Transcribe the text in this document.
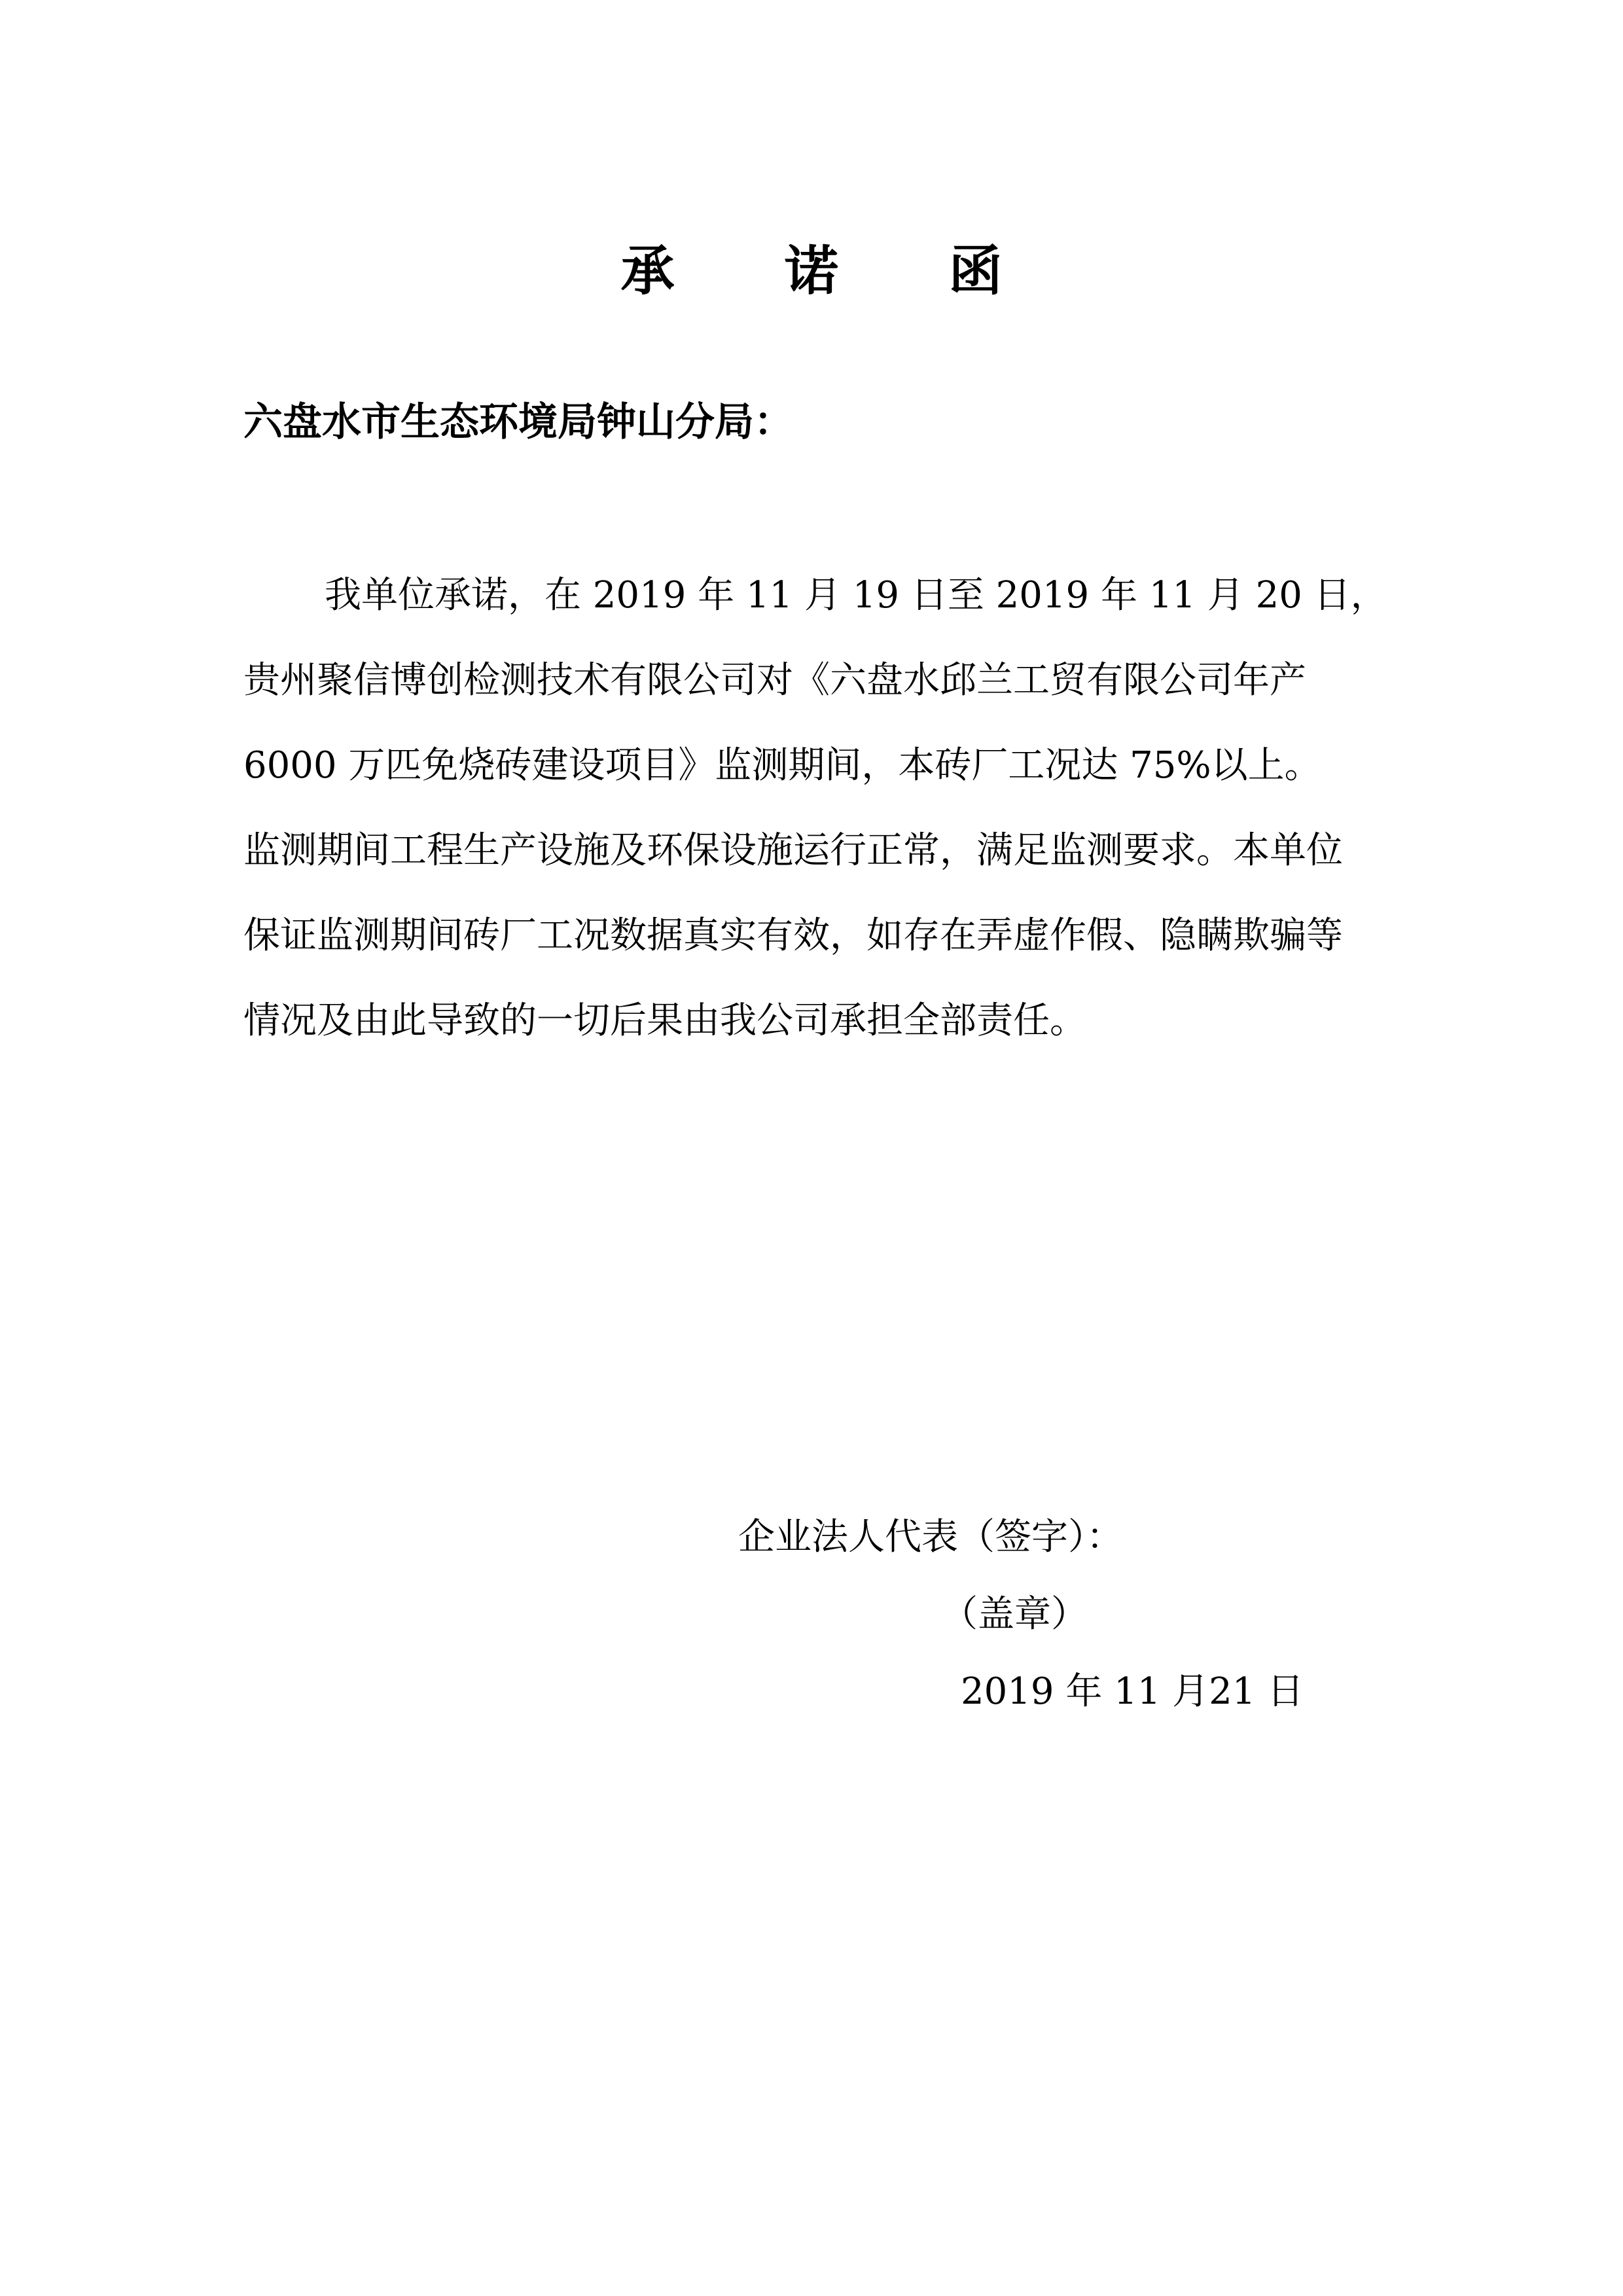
承 诺 函
六盘水市生态环境局钟山分局：
我单位承诺，在 2019 年 11 月 19 日至 2019 年 11 月 20 日，
贵州聚信博创检测技术有限公司对《六盘水邱兰工贸有限公司年产
6000 万匹免烧砖建设项目》监测期间，本砖厂工况达 75%以上。
监测期间工程生产设施及环保设施运行正常，满足监测要求。本单位
保证监测期间砖厂工况数据真实有效，如存在弄虚作假、隐瞒欺骗等
情况及由此导致的一切后果由我公司承担全部责任。
企业法人代表（签字）：
（盖章）
2019 年 11 月21 日
